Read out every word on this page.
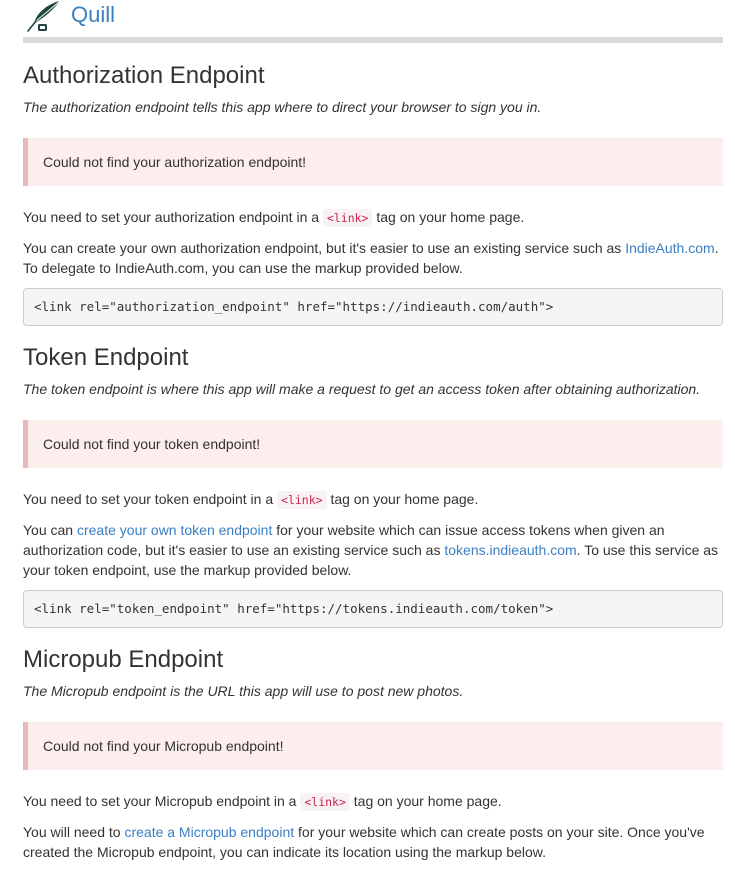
Quill
Authorization Endpoint
The authorization endpoint tells this app where to direct your browser to sign you in.
Could not find your authorization endpoint!

You need to set your authorization endpoint in a <link> tag on your home page.

You can create your own authorization endpoint, but it's easier to use an existing service such as IndieAuth.com. To delegate to IndieAuth.com, you can use the markup provided below.

<link rel="authorization_endpoint" href="https://indieauth.com/auth">
Token Endpoint
The token endpoint is where this app will make a request to get an access token after obtaining authorization.
Could not find your token endpoint!

You need to set your token endpoint in a <link> tag on your home page.

You can create your own token endpoint for your website which can issue access tokens when given an authorization code, but it's easier to use an existing service such as tokens.indieauth.com. To use this service as your token endpoint, use the markup provided below.

<link rel="token_endpoint" href="https://tokens.indieauth.com/token">
Micropub Endpoint
The Micropub endpoint is the URL this app will use to post new photos.
Could not find your Micropub endpoint!

You need to set your Micropub endpoint in a <link> tag on your home page.

You will need to create a Micropub endpoint for your website which can create posts on your site. Once you've created the Micropub endpoint, you can indicate its location using the markup below.
